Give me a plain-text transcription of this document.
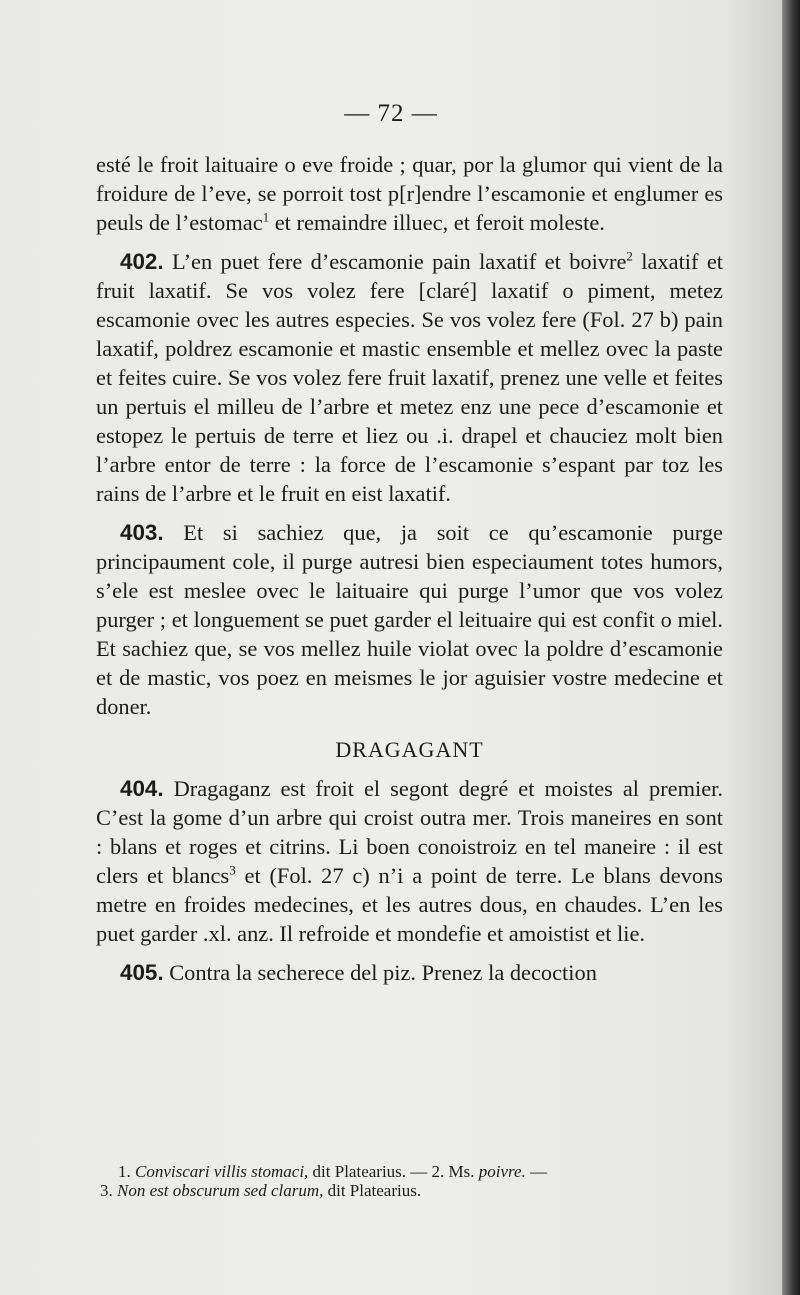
— 72 —

esté le froit laituaire o eve froide ; quar, por la glumor qui vient de la froidure de l’eve, se porroit tost p[r]endre l’escamonie et englumer es peuls de l’estomac$^1$ et remaindre illuec, et feroit moleste.

402. L’en puet fere d’escamonie pain laxatif et boivre$^2$ laxatif et fruit laxatif. Se vos volez fere [claré] laxatif o piment, metez escamonie ovec les autres especies. Se vos volez fere (Fol. 27 b) pain laxatif, poldrez escamonie et mastic ensemble et mellez ovec la paste et feites cuire. Se vos volez fere fruit laxatif, prenez une velle et feites un pertuis el milleu de l’arbre et metez enz une pece d’escamonie et estopez le pertuis de terre et liez ou .i. drapel et chauciez molt bien l’arbre entor de terre : la force de l’escamonie s’espant par toz les rains de l’arbre et le fruit en eist laxatif.

403. Et si sachiez que, ja soit ce qu’escamonie purge principaument cole, il purge autresi bien especiaument totes humors, s’ele est meslee ovec le laituaire qui purge l’umor que vos volez purger ; et longuement se puet garder el leituaire qui est confit o miel. Et sachiez que, se vos mellez huile violat ovec la poldre d’escamonie et de mastic, vos poez en meismes le jor aguisier vostre medecine et doner.

DRAGAGANT

404. Dragaganz est froit el segont degré et moistes al premier. C’est la gome d’un arbre qui croist outra mer. Trois maneires en sont : blans et roges et citrins. Li boen conoistroiz en tel maneire : il est clers et blancs$^3$ et (Fol. 27 c) n’i a point de terre. Le blans devons metre en froides medecines, et les autres dous, en chaudes. L’en les puet garder .xl. anz. Il refroide et mondefie et amoistist et lie.

405. Contra la secherece del piz. Prenez la decoction

1. Conviscari villis stomaci, dit Platearius. — 2. Ms. poivre. —

3. Non est obscurum sed clarum, dit Platearius.
